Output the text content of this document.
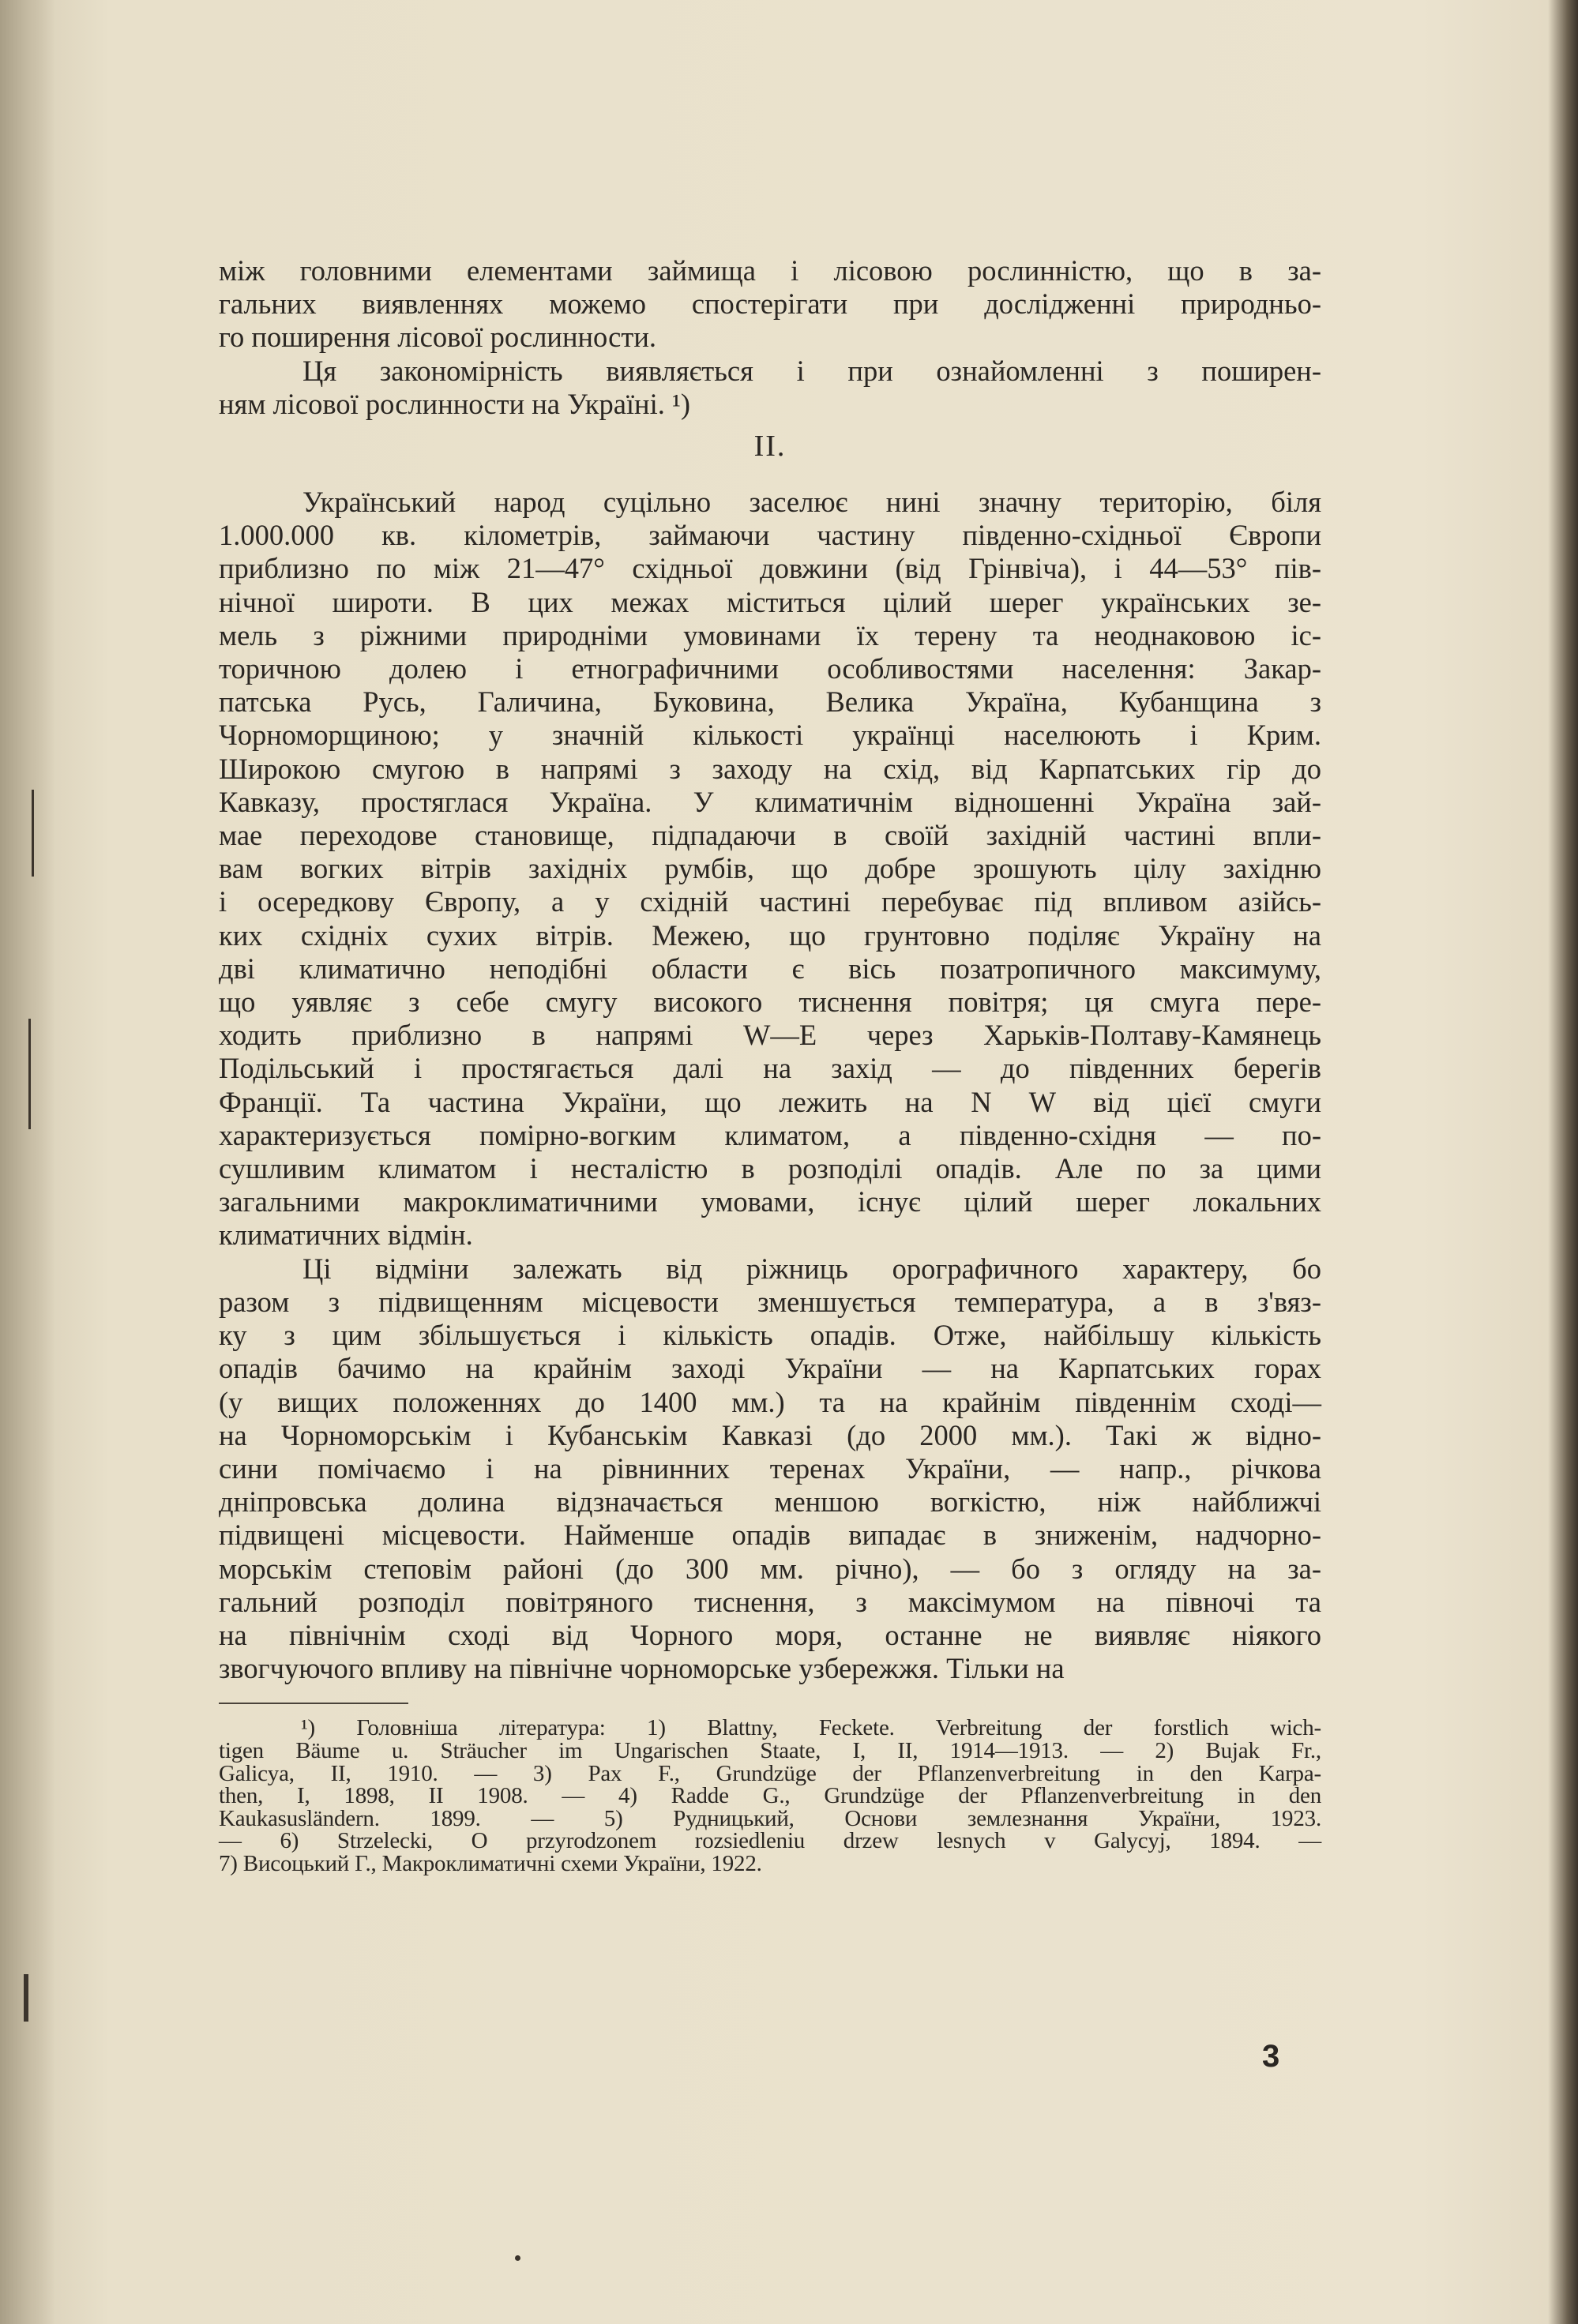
між головними елементами займища і лісовою рослинністю, що в за-

гальних виявленнях можемо спостерігати при дослідженні природньо-

го поширення лісової рослинности.

Ця закономірність виявляється і при ознайомленні з поширен-

ням лісової рослинности на Україні. ¹)

II.

Український народ суцільно заселює нині значну територію, біля

1.000.000 кв. кілометрів, займаючи частину південно-східньої Європи

приблизно по між 21—47° східньої довжини (від Грінвіча), і 44—53° пів-

нічної широти. В цих межах міститься цілий шерег українських зе-

мель з ріжними природніми умовинами їх терену та неоднаковою іс-

торичною долею і етнографичними особливостями населення: Закар-

патська Русь, Галичина, Буковина, Велика Україна, Кубанщина з

Чорноморщиною; у значній кількості українці населюють і Крим.

Широкою смугою в напрямі з заходу на схід, від Карпатських гір до

Кавказу, простяглася Україна. У климатичнім відношенні Україна зай-

мае переходове становище, підпадаючи в своїй західній частині впли-

вам вогких вітрів західніх румбів, що добре зрошують цілу західню

і осередкову Європу, а у східній частині перебуває під впливом азійсь-

ких східніх сухих вітрів. Межею, що грунтовно поділяє Україну на

дві климатично неподібні области є вісь позатропичного максимуму,

що уявляє з себе смугу високого тиснення повітря; ця смуга пере-

ходить приблизно в напрямі W—E через Харьків-Полтаву-Камянець

Подільський і простягається далі на захід — до південних берегів

Франції. Та частина України, що лежить на N W від цієї смуги

характеризується помірно-вогким климатом, а південно-східня — по-

сушливим климатом і несталістю в розподілі опадів. Але по за цими

загальними макроклиматичними умовами, існує цілий шерег локальних

климатичних відмін.

Ці відміни залежать від ріжниць орографичного характеру, бо

разом з підвищенням місцевости зменшується температура, а в з'вяз-

ку з цим збільшується і кількість опадів. Отже, найбільшу кількість

опадів бачимо на крайнім заході України — на Карпатських горах

(у вищих положеннях до 1400 мм.) та на крайнім південнім сході—

на Чорноморськім і Кубанськім Кавказі (до 2000 мм.). Такі ж відно-

сини помічаємо і на рівнинних теренах України, — напр., річкова

дніпровська долина відзначається меншою вогкістю, ніж найближчі

підвищені місцевости. Найменше опадів випадає в зниженім, надчорно-

морськім степовім районі (до 300 мм. річно), — бо з огляду на за-

гальний розподіл повітряного тиснення, з максімумом на півночі та

на північнім сході від Чорного моря, останне не виявляє ніякого

звогчуючого впливу на північне чорноморське узбережжя. Тільки на

¹) Головніша література: 1) Blattny, Feckete. Verbreitung der forstlich wich-

tigen Bäume u. Sträucher im Ungarischen Staate, I, II, 1914—1913. — 2) Bujak Fr.,

Galicya, II, 1910. — 3) Pax F., Grundzüge der Pflanzenverbreitung in den Karpa-

then, I, 1898, II 1908. — 4) Radde G., Grundzüge der Pflanzenverbreitung in den

Kaukasusländern. 1899. — 5) Рудницький, Основи землезнання України, 1923.

— 6) Strzelecki, O przyrodzonem rozsiedleniu drzew lesnych v Galycyj, 1894. —

7) Висоцький Г., Макроклиматичні схеми України, 1922.

3
